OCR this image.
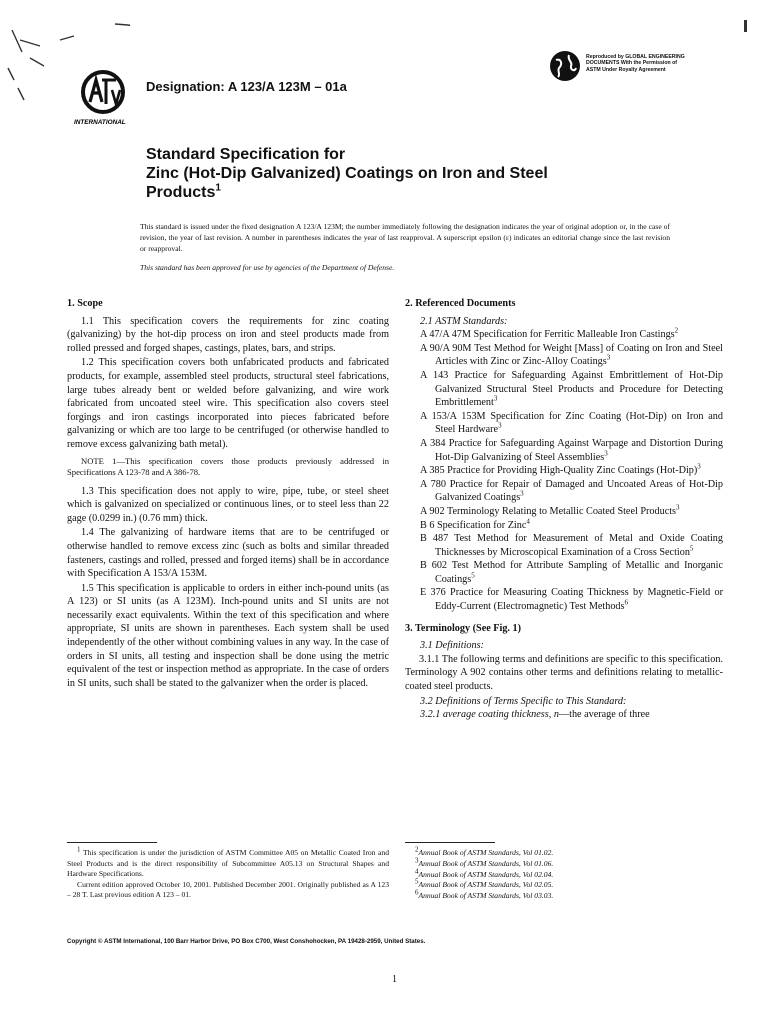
INTERNATIONAL
Designation: A 123/A 123M – 01a
Reproduced by GLOBAL ENGINEERING
DOCUMENTS With the Permission of
ASTM Under Royalty Agreement
Standard Specification for
Zinc (Hot-Dip Galvanized) Coatings on Iron and Steel
Products$^1$
This standard is issued under the fixed designation A 123/A 123M; the number immediately following the designation indicates the year of original adoption or, in the case of revision, the year of last revision. A number in parentheses indicates the year of last reapproval. A superscript epsilon (ε) indicates an editorial change since the last revision or reapproval.
This standard has been approved for use by agencies of the Department of Defense.
1. Scope
1.1 This specification covers the requirements for zinc coating (galvanizing) by the hot-dip process on iron and steel products made from rolled pressed and forged shapes, castings, plates, bars, and strips.
1.2 This specification covers both unfabricated products and fabricated products, for example, assembled steel products, structural steel fabrications, large tubes already bent or welded before galvanizing, and wire work fabricated from uncoated steel wire. This specification also covers steel forgings and iron castings incorporated into pieces fabricated before galvanizing or which are too large to be centrifuged (or otherwise handled to remove excess galvanizing bath metal).
NOTE 1—This specification covers those products previously addressed in Specifications A 123-78 and A 386-78.
1.3 This specification does not apply to wire, pipe, tube, or steel sheet which is galvanized on specialized or continuous lines, or to steel less than 22 gage (0.0299 in.) (0.76 mm) thick.
1.4 The galvanizing of hardware items that are to be centrifuged or otherwise handled to remove excess zinc (such as bolts and similar threaded fasteners, castings and rolled, pressed and forged items) shall be in accordance with Specification A 153/A 153M.
1.5 This specification is applicable to orders in either inch-pound units (as A 123) or SI units (as A 123M). Inch-pound units and SI units are not necessarily exact equivalents. Within the text of this specification and where appropriate, SI units are shown in parentheses. Each system shall be used independently of the other without combining values in any way. In the case of orders in SI units, all testing and inspection shall be done using the metric equivalent of the test or inspection method as appropriate. In the case of orders in SI units, such shall be stated to the galvanizer when the order is placed.
2. Referenced Documents
2.1 ASTM Standards:
A 47/A 47M Specification for Ferritic Malleable Iron Castings$^2$
A 90/A 90M Test Method for Weight [Mass] of Coating on Iron and Steel Articles with Zinc or Zinc-Alloy Coatings$^3$
A 143 Practice for Safeguarding Against Embrittlement of Hot-Dip Galvanized Structural Steel Products and Procedure for Detecting Embrittlement$^3$
A 153/A 153M Specification for Zinc Coating (Hot-Dip) on Iron and Steel Hardware$^3$
A 384 Practice for Safeguarding Against Warpage and Distortion During Hot-Dip Galvanizing of Steel Assemblies$^3$
A 385 Practice for Providing High-Quality Zinc Coatings $(Hot-Dip)^3$
A 780 Practice for Repair of Damaged and Uncoated Areas of Hot-Dip Galvanized Coatings$^3$
A 902 Terminology Relating to Metallic Coated Steel Products$^3$
B 6 Specification for Zinc$^4$
B 487 Test Method for Measurement of Metal and Oxide Coating Thicknesses by Microscopical Examination of a Cross Section$^5$
B 602 Test Method for Attribute Sampling of Metallic and Inorganic Coatings$^5$
E 376 Practice for Measuring Coating Thickness by Magnetic-Field or Eddy-Current (Electromagnetic) Test Methods$^6$
3. Terminology (See Fig. 1)
3.1 Definitions:
3.1.1 The following terms and definitions are specific to this specification. Terminology A 902 contains other terms and definitions relating to metallic-coated steel products.
3.2 Definitions of Terms Specific to This Standard:
3.2.1 average coating thickness, n—the average of three
$^1$ This specification is under the jurisdiction of ASTM Committee A05 on Metallic Coated Iron and Steel Products and is the direct responsibility of Subcommittee A05.13 on Structural Shapes and Hardware Specifications.
Current edition approved October 10, 2001. Published December 2001. Originally published as A 123 – 28 T. Last previous edition A 123 – 01.
$^2$Annual Book of ASTM Standards, Vol 01.02.
$^3$Annual Book of ASTM Standards, Vol 01.06.
$^4$Annual Book of ASTM Standards, Vol 02.04.
$^5$Annual Book of ASTM Standards, Vol 02.05.
$^6$Annual Book of ASTM Standards, Vol 03.03.
Copyright © ASTM International, 100 Barr Harbor Drive, PO Box C700, West Conshohocken, PA 19428-2959, United States.
1
